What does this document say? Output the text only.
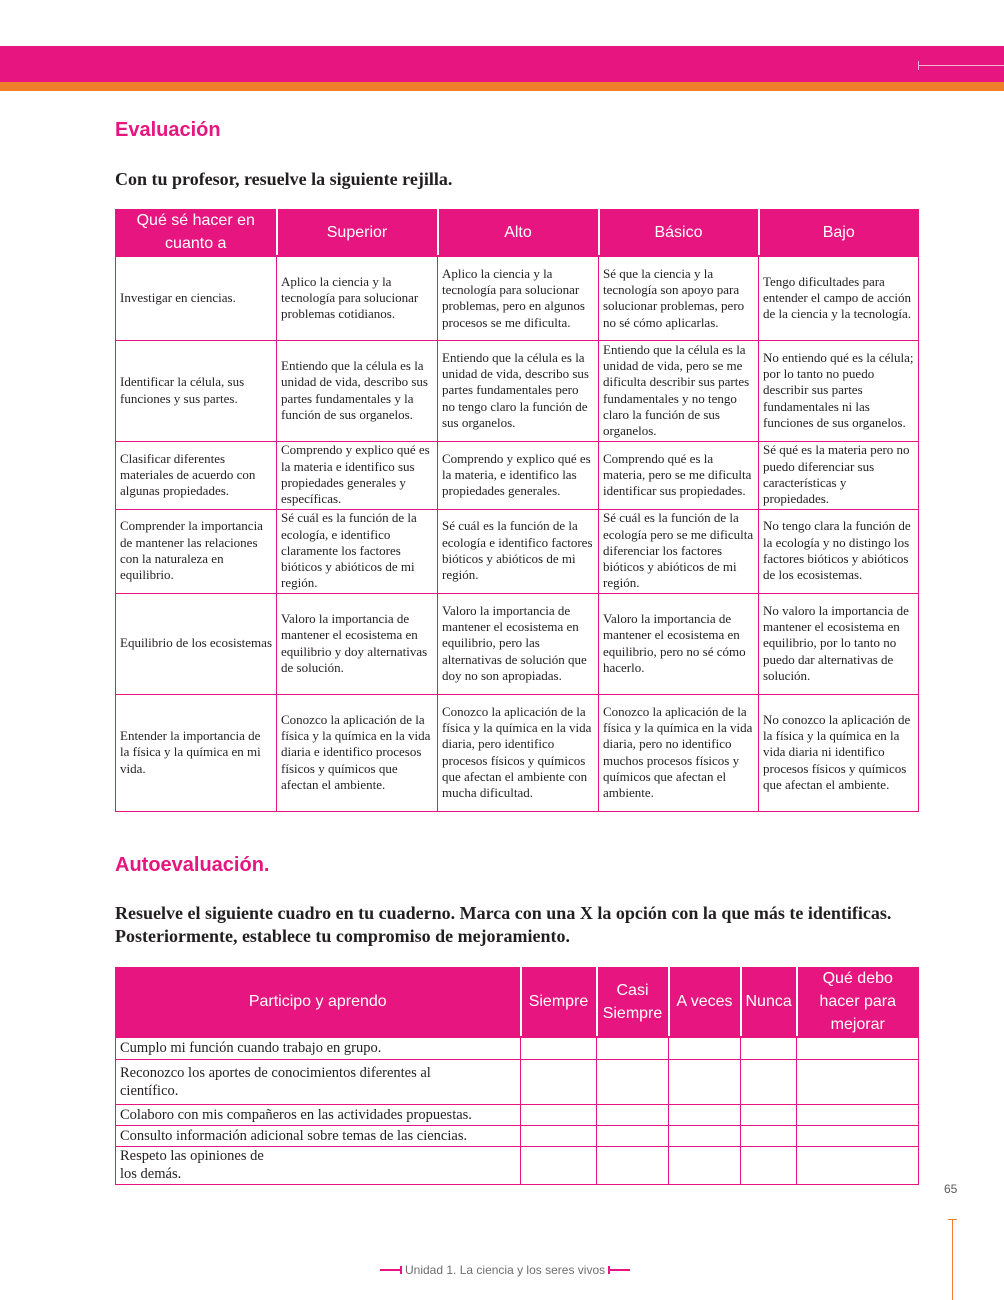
Evaluación

Con tu profesor, resuelve la siguiente rejilla.

Qué sé hacer en cuanto a	Superior	Alto	Básico	Bajo
Investigar en ciencias.	Aplico la ciencia y la tecnología para solucionar problemas cotidianos.	Aplico la ciencia y la tecnología para solucionar problemas, pero en algunos procesos se me dificulta.	Sé que la ciencia y la tecnología son apoyo para solucionar problemas, pero no sé cómo aplicarlas.	Tengo dificultades para entender el campo de acción de la ciencia y la tecnología.
Identificar la célula, sus funciones y sus partes.	Entiendo que la célula es la unidad de vida, describo sus partes fundamentales y la función de sus organelos.	Entiendo que la célula es la unidad de vida, describo sus partes fundamentales pero no tengo claro la función de sus organelos.	Entiendo que la célula es la unidad de vida, pero se me dificulta describir sus partes fundamentales y no tengo claro la función de sus organelos.	No entiendo qué es la célula; por lo tanto no puedo describir sus partes fundamentales ni las funciones de sus organelos.
Clasificar diferentes materiales de acuerdo con algunas propiedades.	Comprendo y explico qué es la materia e identifico sus propiedades generales y específicas.	Comprendo y explico qué es la materia, e identifico las propiedades generales.	Comprendo qué es la materia, pero se me dificulta identificar sus propiedades.	Sé qué es la materia pero no puedo diferenciar sus características y propiedades.
Comprender la importancia de mantener las relaciones con la naturaleza en equilibrio.	Sé cuál es la función de la ecología, e identifico claramente los factores bióticos y abióticos de mi región.	Sé cuál es la función de la ecología e identifico factores bióticos y abióticos de mi región.	Sé cuál es la función de la ecología pero se me dificulta diferenciar los factores bióticos y abióticos de mi región.	No tengo clara la función de la ecología y no distingo los factores bióticos y abióticos de los ecosistemas.
Equilibrio de los ecosistemas	Valoro la importancia de mantener el ecosistema en equilibrio y doy alternativas de solución.	Valoro la importancia de mantener el ecosistema en equilibrio, pero las alternativas de solución que doy no son apropiadas.	Valoro la importancia de mantener el ecosistema en equilibrio, pero no sé cómo hacerlo.	No valoro la importancia de mantener el ecosistema en equilibrio, por lo tanto no puedo dar alternativas de solución.
Entender la importancia de la física y la química en mi vida.	Conozco la aplicación de la física y la química en la vida diaria e identifico procesos físicos y químicos que afectan el ambiente.	Conozco la aplicación de la física y la química en la vida diaria, pero identifico procesos físicos y químicos que afectan el ambiente con mucha dificultad.	Conozco la aplicación de la física y la química en la vida diaria, pero no identifico muchos procesos físicos y químicos que afectan el ambiente.	No conozco la aplicación de la física y la química en la vida diaria ni identifico procesos físicos y químicos que afectan el ambiente.
Autoevaluación.

Resuelve el siguiente cuadro en tu cuaderno. Marca con una X la opción con la que más te identificas. Posteriormente, establece tu compromiso de mejoramiento.

Participo y aprendo	Siempre	Casi Siempre	A veces	Nunca	Qué debo hacer para mejorar
Cumplo mi función cuando trabajo en grupo.					
Reconozco los aportes de conocimientos diferentes al científico.					
Colaboro con mis compañeros en las actividades propuestas.					
Consulto información adicional sobre temas de las ciencias.					
Respeto las opiniones de los demás.					
65
Unidad 1. La ciencia y los seres vivos
